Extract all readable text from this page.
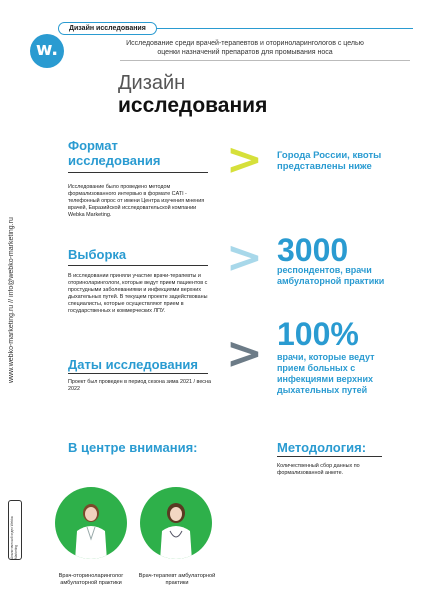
Дизайн исследования
w.	Исследование среди врачей-терапевтов и оториноларингологов с целью оценки назначений препаратов для промывания носа
Дизайн
исследования
www.webko-marketing.ru // info@webko-marketing.ru
Формат исследования
Исследование было проведено методом формализованного интервью в формате CATI - телефонный опрос от имени Центра изучения мнения врачей, Евразийской исследовательской компании Webka Marketing.
Выборка
В исследовании приняли участие врачи-терапевты и оториноларингологи, которые ведут прием пациентов с простудными заболеваниями и инфекциями верхних дыхательных путей. В текущем проекте задействованы специалисты, которые осуществляют прием в государственных и коммерческих ЛПУ.
Даты исследования
Проект был проведен в период сезона зима 2021 / весна 2022
>
>
>
Города России, квоты представлены ниже
3000
респондентов, врачи амбулаторной практики
100%
врачи, которые ведут прием больных с инфекциями верхних дыхательных путей
В центре внимания:	Методология:
Количественный сбор данных по формализованной анкете.
Врач-оториноларинголог амбулаторной практики
Врач-терапевт амбулаторной практики
Аналитический отдел Webka Marketing
